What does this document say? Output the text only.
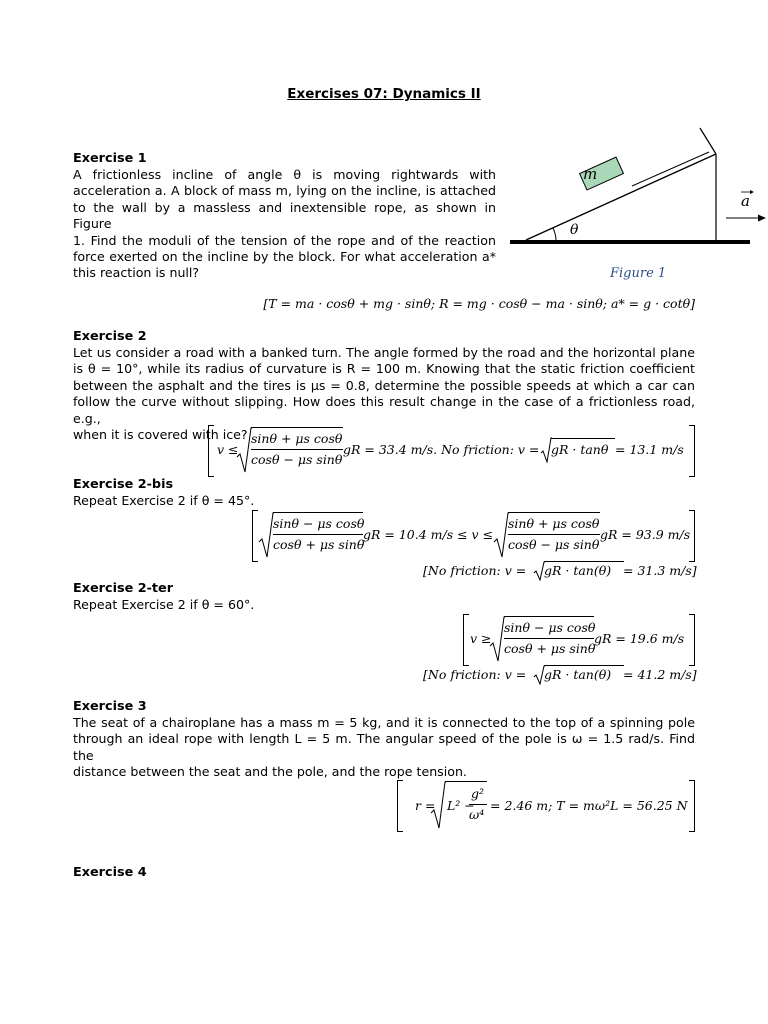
Exercises 07: Dynamics II
Exercise 1
A frictionless incline of angle θ is moving rightwards with
acceleration a. A block of mass m, lying on the incline, is attached
to the wall by a massless and inextensible rope, as shown in Figure
1. Find the moduli of the tension of the rope and of the reaction
force exerted on the incline by the block. For what acceleration a*
this reaction is null?
m
θ
a
Figure 1
[T = ma · cosθ + mg · sinθ; R = mg · cosθ − ma · sinθ; a* = g · cotθ]
Exercise 2
Let us consider a road with a banked turn. The angle formed by the road and the horizontal plane
is θ = 10°, while its radius of curvature is R = 100 m. Knowing that the static friction coefficient
between the asphalt and the tires is μs = 0.8, determine the possible speeds at which a car can
follow the curve without slipping. How does this result change in the case of a frictionless road, e.g.,
when it is covered with ice?
v ≤
sinθ + μs cosθ
cosθ − μs sinθ
gR = 33.4 m/s. No friction: v = gR · tanθ = 13.1 m/s
Exercise 2-bis
Repeat Exercise 2 if θ = 45°.
sinθ − μs cosθ
cosθ + μs sinθ
gR = 10.4 m/s ≤ v ≤
sinθ + μs cosθ
cosθ − μs sinθ
gR = 93.9 m/s
[No friction: v = gR · tan(θ) = 31.3 m/s]
Exercise 2-ter
Repeat Exercise 2 if θ = 60°.
v ≥
sinθ − μs cosθ
cosθ + μs sinθ
gR = 19.6 m/s
[No friction: v = gR · tan(θ) = 41.2 m/s]
Exercise 3
The seat of a chairoplane has a mass m = 5 kg, and it is connected to the top of a spinning pole
through an ideal rope with length L = 5 m. The angular speed of the pole is ω = 1.5 rad/s. Find the
distance between the seat and the pole, and the rope tension.
r = L² −
g²
ω⁴
= 2.46 m; T = mω²L = 56.25 N
Exercise 4
